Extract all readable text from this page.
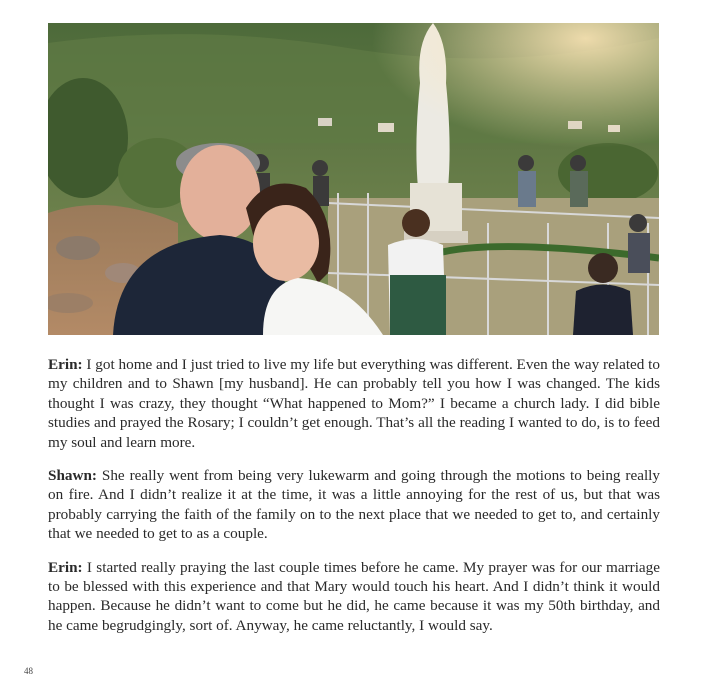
Erin: I got home and I just tried to live my life but everything was different. Even the way related to my children and to Shawn [my husband]. He can probably tell you how I was changed. The kids thought I was crazy, they thought “What happened to Mom?” I became a church lady. I did bible studies and prayed the Rosary; I couldn’t get enough. That’s all the reading I wanted to do, is to feed my soul and learn more.

Shawn: She really went from being very lukewarm and going through the motions to being really on fire. And I didn’t realize it at the time, it was a little annoying for the rest of us, but that was probably carrying the faith of the family on to the next place that we needed to get to, and certainly that we needed to get to as a couple.

Erin: I started really praying the last couple times before he came. My prayer was for our marriage to be blessed with this experience and that Mary would touch his heart. And I didn’t think it would happen. Because he didn’t want to come but he did, he came because it was my 50th birthday, and he came begrudgingly, sort of. Anyway, he came reluctantly, I would say.

48
